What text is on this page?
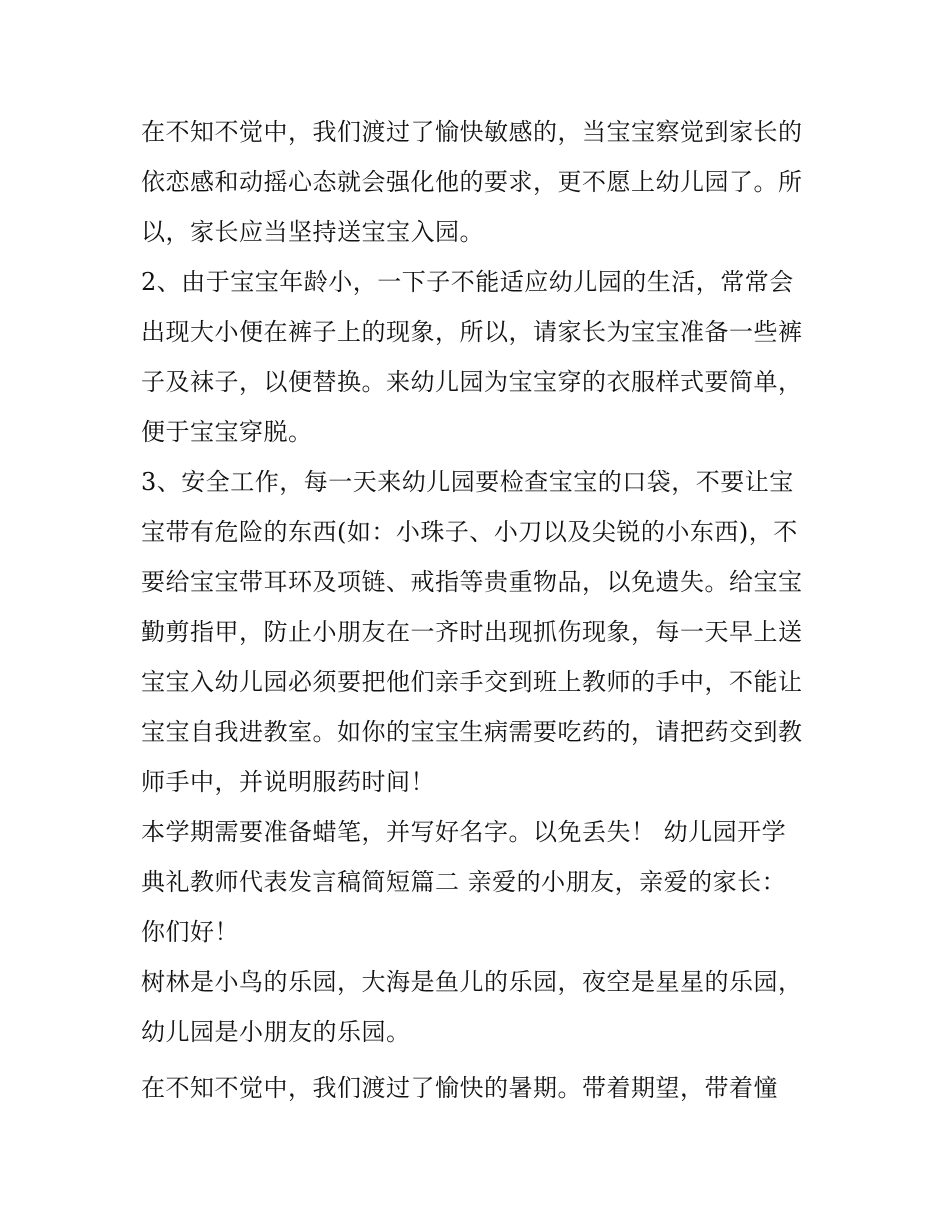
在不知不觉中，我们渡过了愉快敏感的，当宝宝察觉到家长的
依恋感和动摇心态就会强化他的要求，更不愿上幼儿园了。所
以，家长应当坚持送宝宝入园。
2、由于宝宝年龄小，一下子不能适应幼儿园的生活，常常会
出现大小便在裤子上的现象，所以，请家长为宝宝准备一些裤
子及袜子，以便替换。来幼儿园为宝宝穿的衣服样式要简单，
便于宝宝穿脱。
3、安全工作，每一天来幼儿园要检查宝宝的口袋，不要让宝
宝带有危险的东西(如：小珠子、小刀以及尖锐的小东西)，不
要给宝宝带耳环及项链、戒指等贵重物品，以免遗失。给宝宝
勤剪指甲，防止小朋友在一齐时出现抓伤现象，每一天早上送
宝宝入幼儿园必须要把他们亲手交到班上教师的手中，不能让
宝宝自我进教室。如你的宝宝生病需要吃药的，请把药交到教
师手中，并说明服药时间！
本学期需要准备蜡笔，并写好名字。以免丢失！ 幼儿园开学
典礼教师代表发言稿简短篇二 亲爱的小朋友，亲爱的家长：
你们好！
树林是小鸟的乐园，大海是鱼儿的乐园，夜空是星星的乐园，
幼儿园是小朋友的乐园。
在不知不觉中，我们渡过了愉快的暑期。带着期望，带着憧
